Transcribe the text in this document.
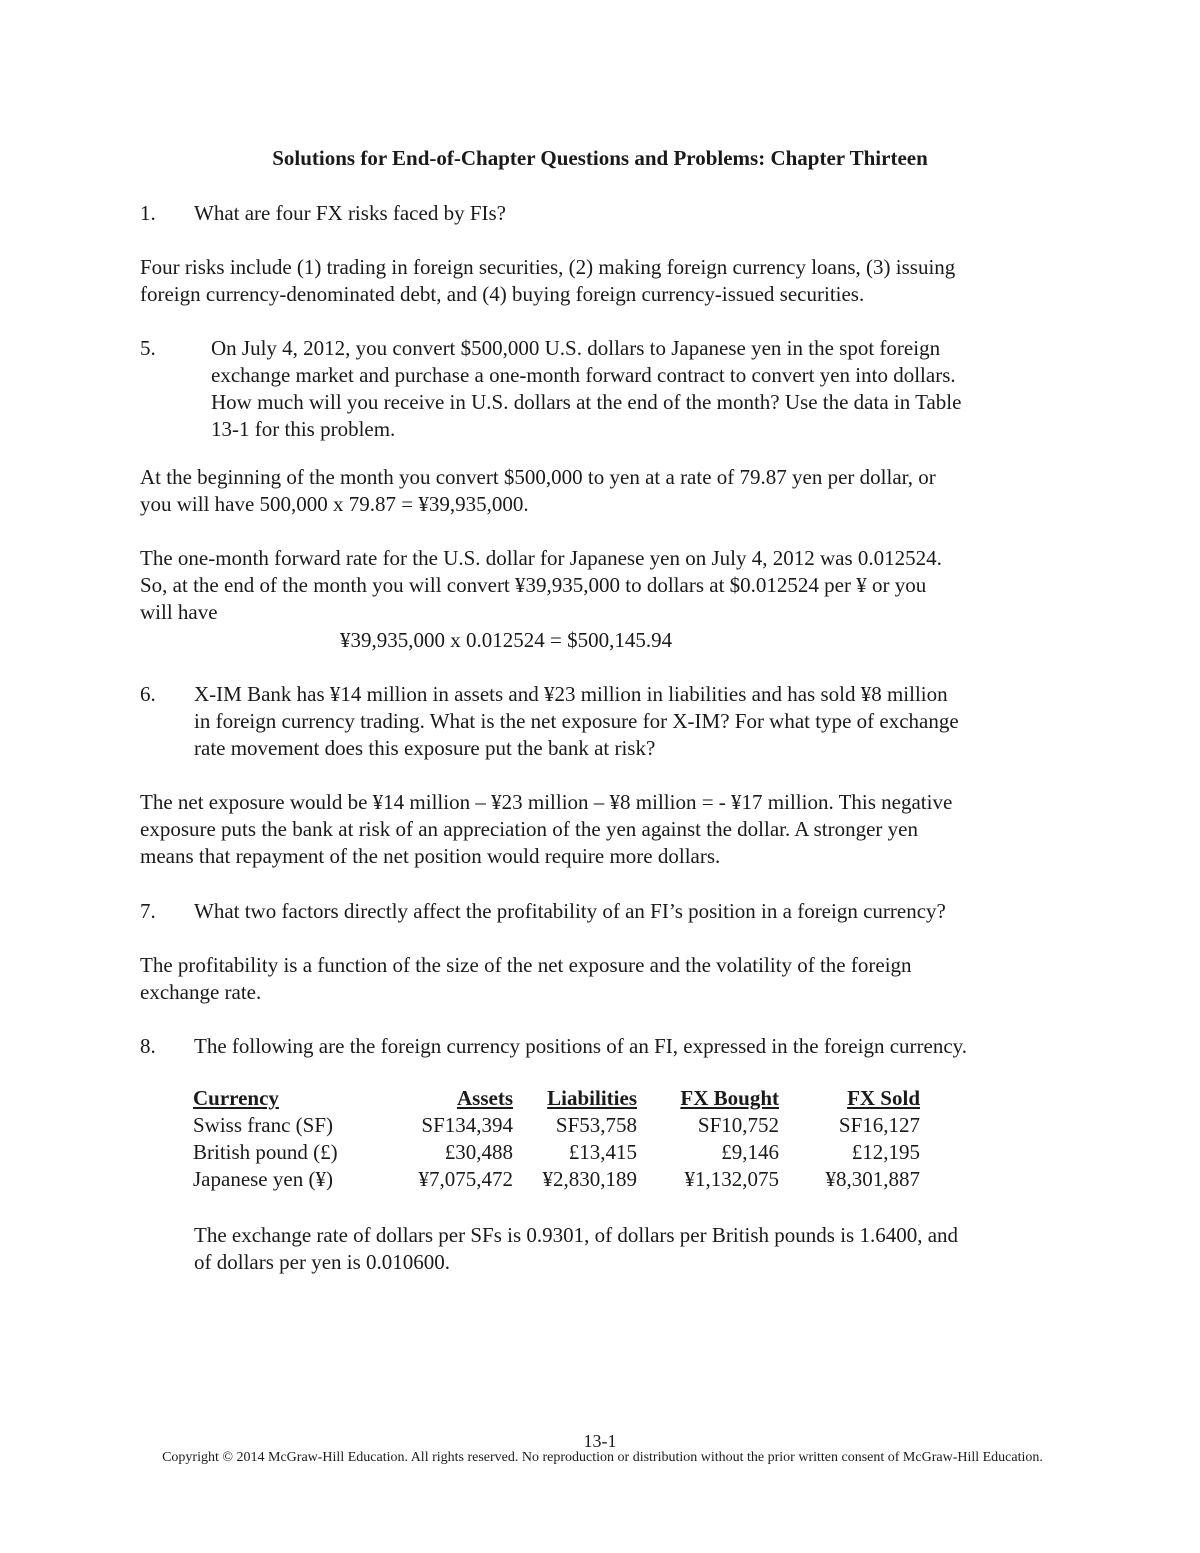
Solutions for End-of-Chapter Questions and Problems: Chapter Thirteen
1. What are four FX risks faced by FIs?
Four risks include (1) trading in foreign securities, (2) making foreign currency loans, (3) issuing
foreign currency-denominated debt, and (4) buying foreign currency-issued securities.
5.	On July 4, 2012, you convert $500,000 U.S. dollars to Japanese yen in the spot foreign
exchange market and purchase a one-month forward contract to convert yen into dollars.
How much will you receive in U.S. dollars at the end of the month? Use the data in Table
13-1 for this problem.
At the beginning of the month you convert $500,000 to yen at a rate of 79.87 yen per dollar, or
you will have 500,000 x 79.87 = ¥39,935,000.
The one-month forward rate for the U.S. dollar for Japanese yen on July 4, 2012 was 0.012524.
So, at the end of the month you will convert ¥39,935,000 to dollars at $0.012524 per ¥ or you
will have
¥39,935,000 x 0.012524 = $500,145.94
6. X-IM Bank has ¥14 million in assets and ¥23 million in liabilities and has sold ¥8 million
in foreign currency trading. What is the net exposure for X-IM? For what type of exchange
rate movement does this exposure put the bank at risk?
The net exposure would be ¥14 million – ¥23 million – ¥8 million = - ¥17 million. This negative
exposure puts the bank at risk of an appreciation of the yen against the dollar. A stronger yen
means that repayment of the net position would require more dollars.
7. What two factors directly affect the profitability of an FI’s position in a foreign currency?
The profitability is a function of the size of the net exposure and the volatility of the foreign
exchange rate.
8. The following are the foreign currency positions of an FI, expressed in the foreign currency.
Currency	Assets	Liabilities	FX Bought	FX Sold
Swiss franc (SF)	SF134,394	SF53,758	SF10,752	SF16,127
British pound (£)	£30,488	£13,415	£9,146	£12,195
Japanese yen (¥)	¥7,075,472	¥2,830,189	¥1,132,075	¥8,301,887
The exchange rate of dollars per SFs is 0.9301, of dollars per British pounds is 1.6400, and
of dollars per yen is 0.010600.
13-1
Copyright © 2014 McGraw-Hill Education. All rights reserved. No reproduction or distribution without the prior written consent of McGraw-Hill Education.
